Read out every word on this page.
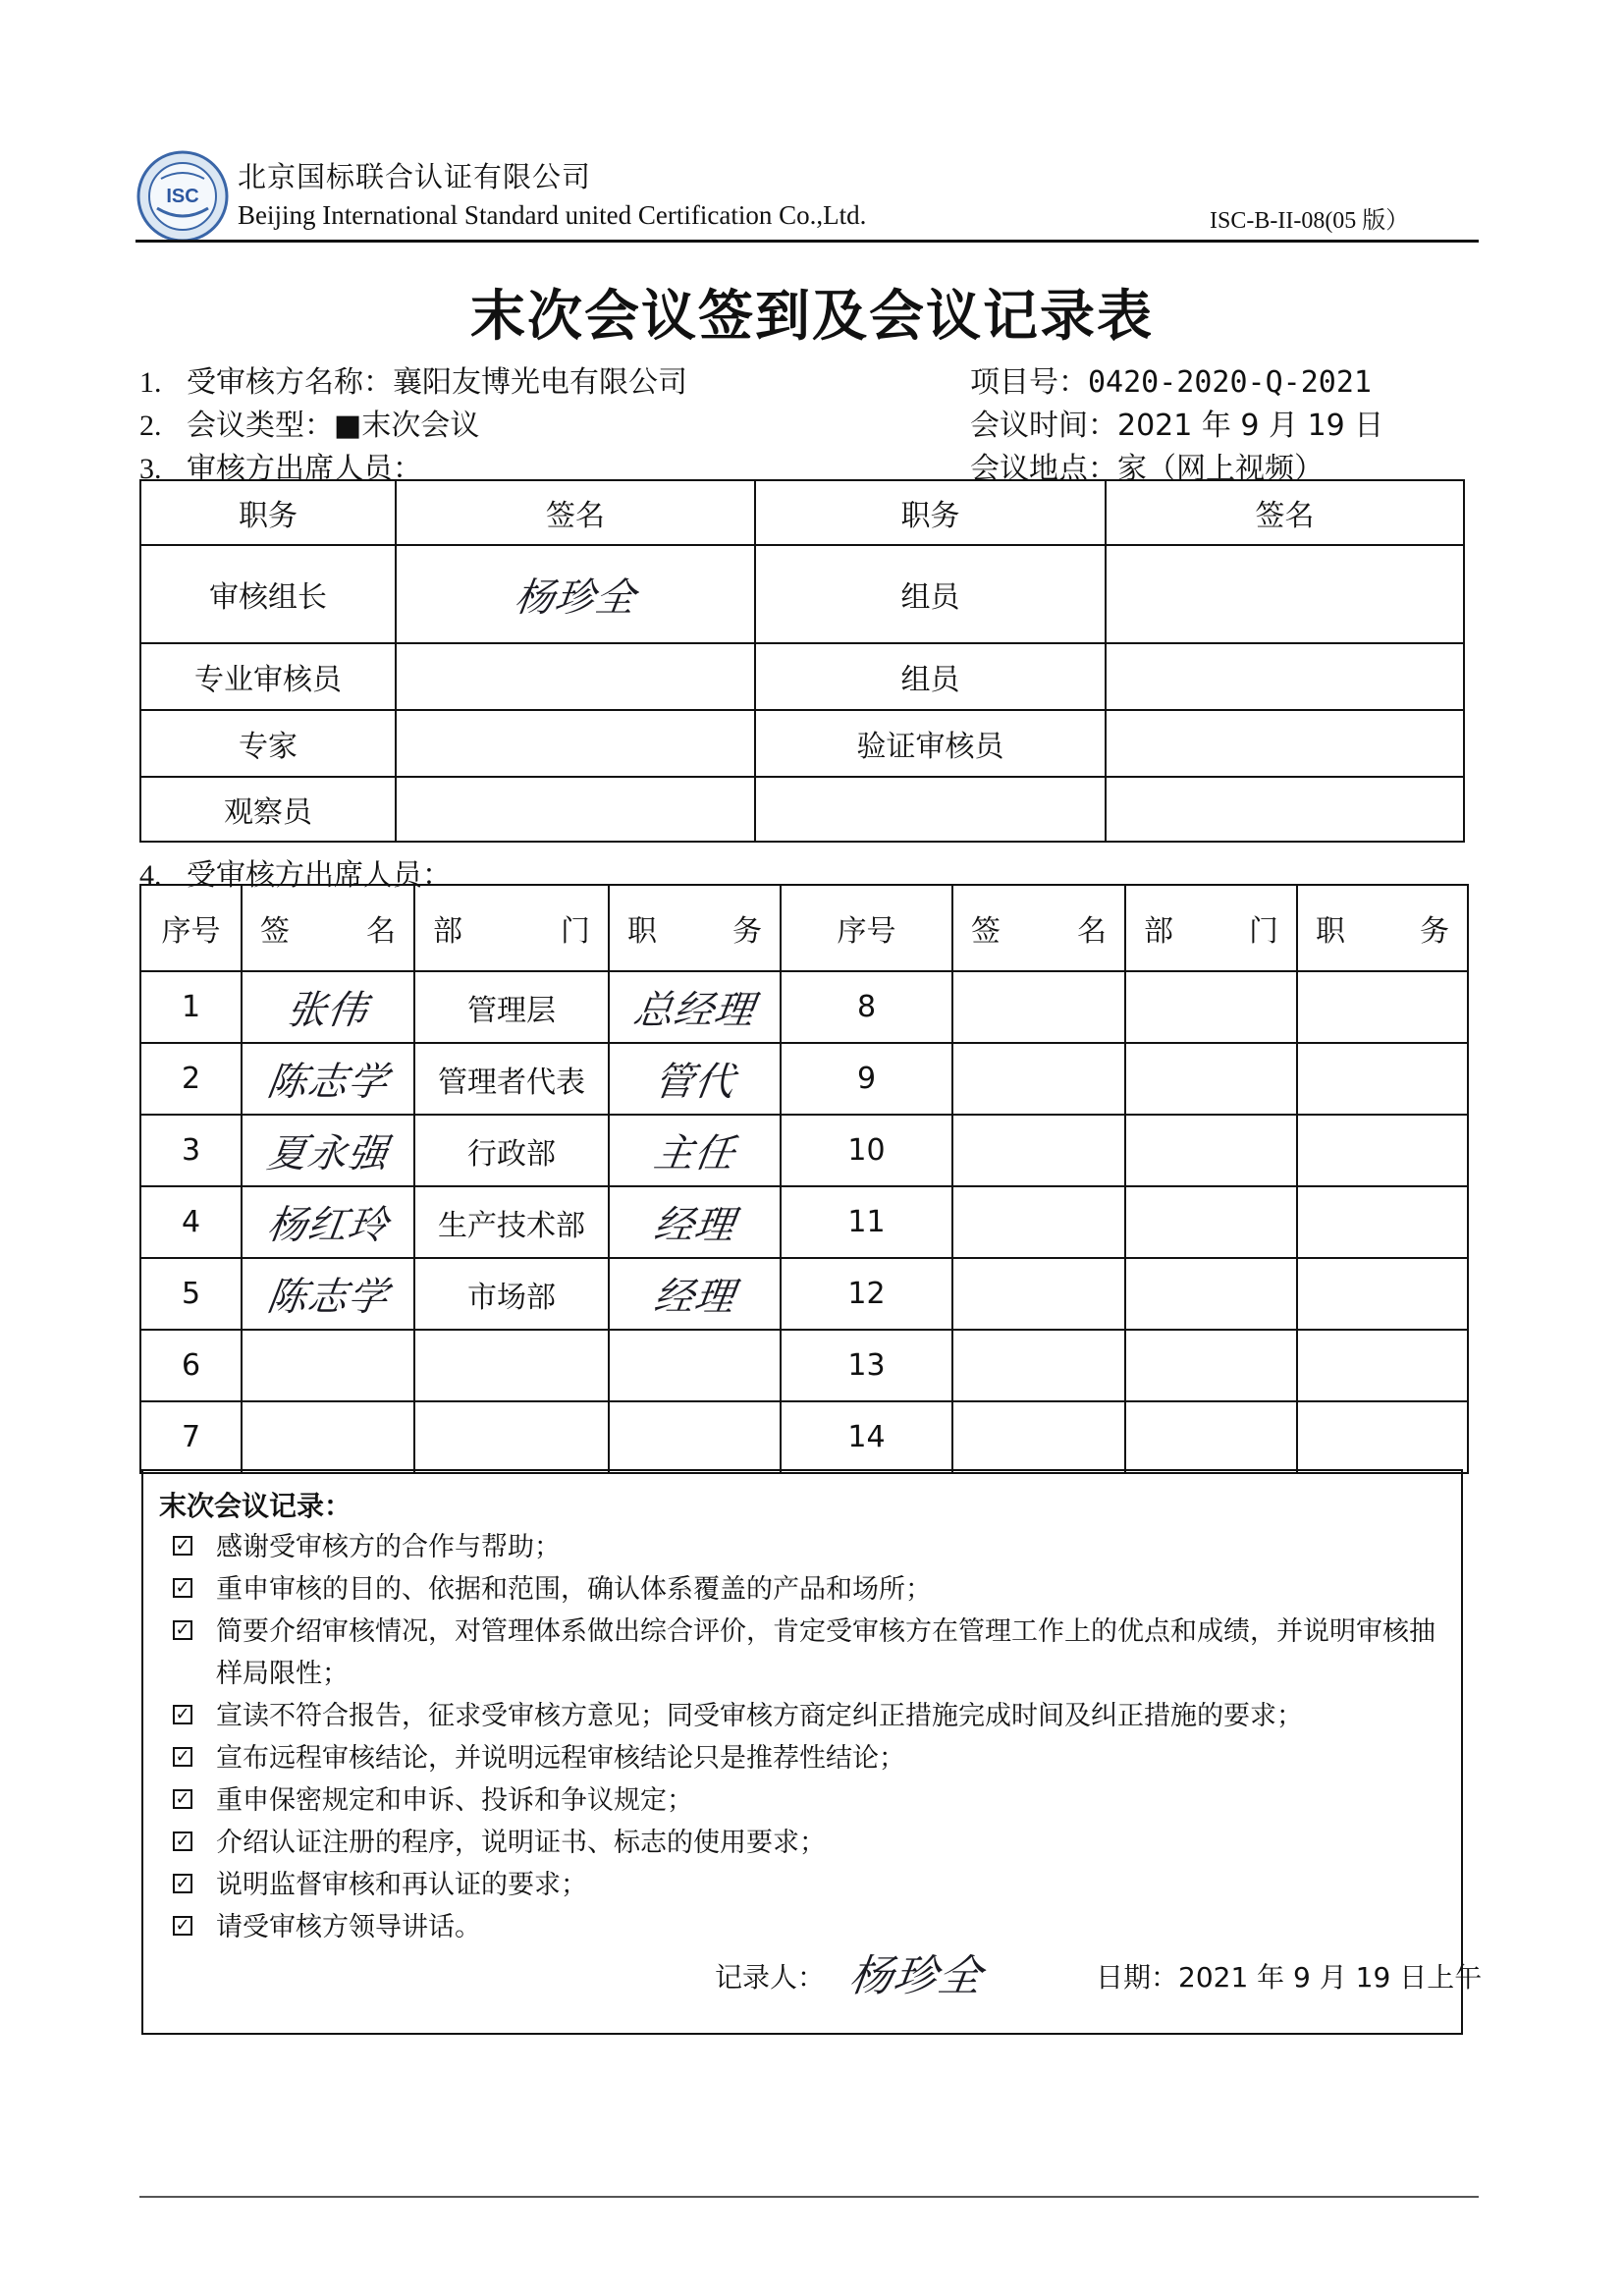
ISC
北京国标联合认证有限公司
Beijing International Standard united Certification Co.,Ltd.	ISC-B-II-08(05 版）
末次会议签到及会议记录表
1. 受审核方名称：襄阳友博光电有限公司
2. 会议类型：■末次会议
3. 审核方出席人员：
项目号：0420-2020-Q-2021
会议时间：2021 年 9 月 19 日
会议地点：家（网上视频）
职务	签名	职务	签名
审核组长	杨珍全	组员	
专业审核员		组员	
专家		验证审核员	
观察员			
4. 受审核方出席人员：
序号	签 名	部 门	职 务	序号	签 名	部 门	职 务

1	张伟	管理层	总经理	8			
2	陈志学	管理者代表	管代	9			
3	夏永强	行政部	主任	10			
4	杨红玲	生产技术部	经理	11			
5	陈志学	市场部	经理	12			
6				13			
7				14			
末次会议记录：
✓ 感谢受审核方的合作与帮助；
✓ 重申审核的目的、依据和范围，确认体系覆盖的产品和场所；
✓ 简要介绍审核情况，对管理体系做出综合评价，肯定受审核方在管理工作上的优点和成绩，并说明审核抽样局限性；
✓ 宣读不符合报告，征求受审核方意见；同受审核方商定纠正措施完成时间及纠正措施的要求；
✓ 宣布远程审核结论，并说明远程审核结论只是推荐性结论；
✓ 重申保密规定和申诉、投诉和争议规定；
✓ 介绍认证注册的程序，说明证书、标志的使用要求；
✓ 说明监督审核和再认证的要求；
✓ 请受审核方领导讲话。
记录人： 杨珍全	日期：2021 年 9 月 19 日上午
